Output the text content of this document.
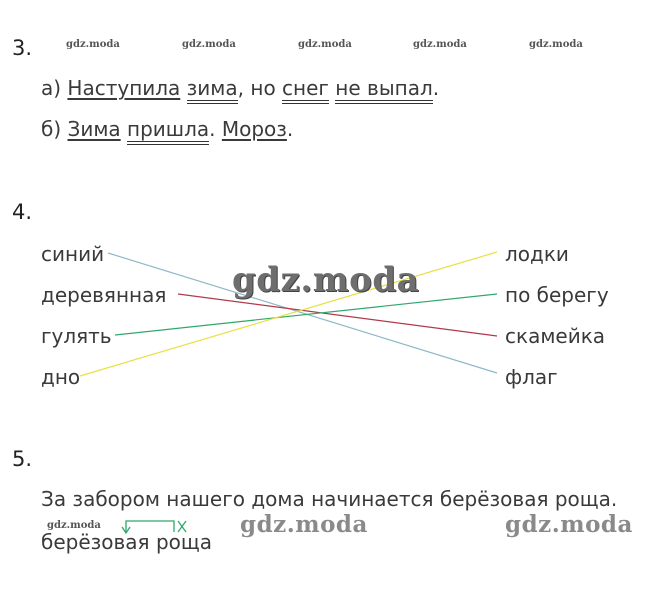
3.	gdz.moda	gdz.moda	gdz.moda	gdz.moda	gdz.moda
а) Наступила зима, но снег не выпал.
б) Зима пришла. Мороз.
4.
синий
деревянная
гулять
дно
лодки
по берегу
скамейка
флаг
gdz.moda
5.
За забором нашего дома начинается берёзовая роща.
gdz.moda	gdz.moda	gdz.moda
берёзовая роща
